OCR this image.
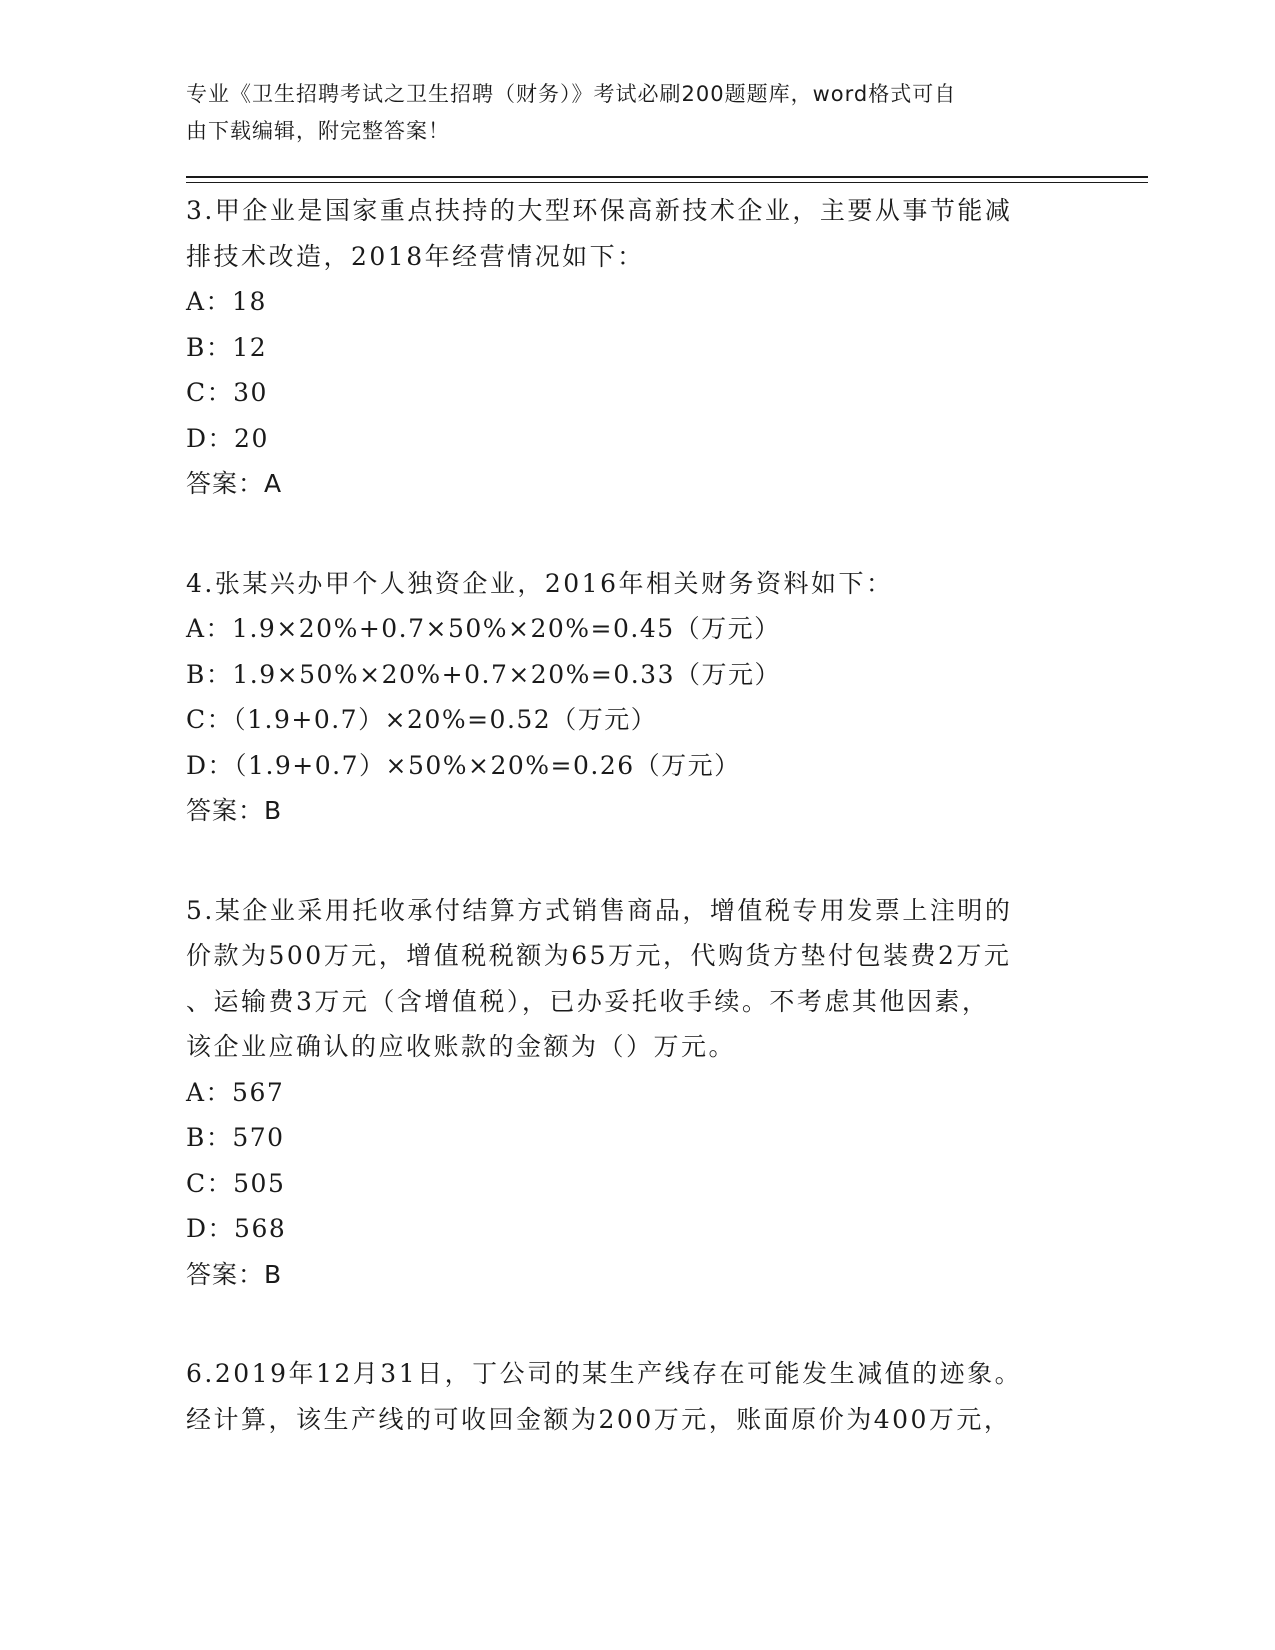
专业《卫生招聘考试之卫生招聘（财务）》考试必刷200题题库，word格式可自
由下载编辑，附完整答案！
3.甲企业是国家重点扶持的大型环保高新技术企业，主要从事节能减
排技术改造，2018年经营情况如下：
A：18
B：12
C：30
D：20
答案：A
4.张某兴办甲个人独资企业，2016年相关财务资料如下：
A：1.9×20%+0.7×50%×20%=0.45（万元）
B：1.9×50%×20%+0.7×20%=0.33（万元）
C：（1.9+0.7）×20%=0.52（万元）
D：（1.9+0.7）×50%×20%=0.26（万元）
答案：B
5.某企业采用托收承付结算方式销售商品，增值税专用发票上注明的
价款为500万元，增值税税额为65万元，代购货方垫付包装费2万元
、运输费3万元（含增值税），已办妥托收手续。不考虑其他因素，
该企业应确认的应收账款的金额为（）万元。
A：567
B：570
C：505
D：568
答案：B
6.2019年12月31日，丁公司的某生产线存在可能发生减值的迹象。
经计算，该生产线的可收回金额为200万元，账面原价为400万元，
